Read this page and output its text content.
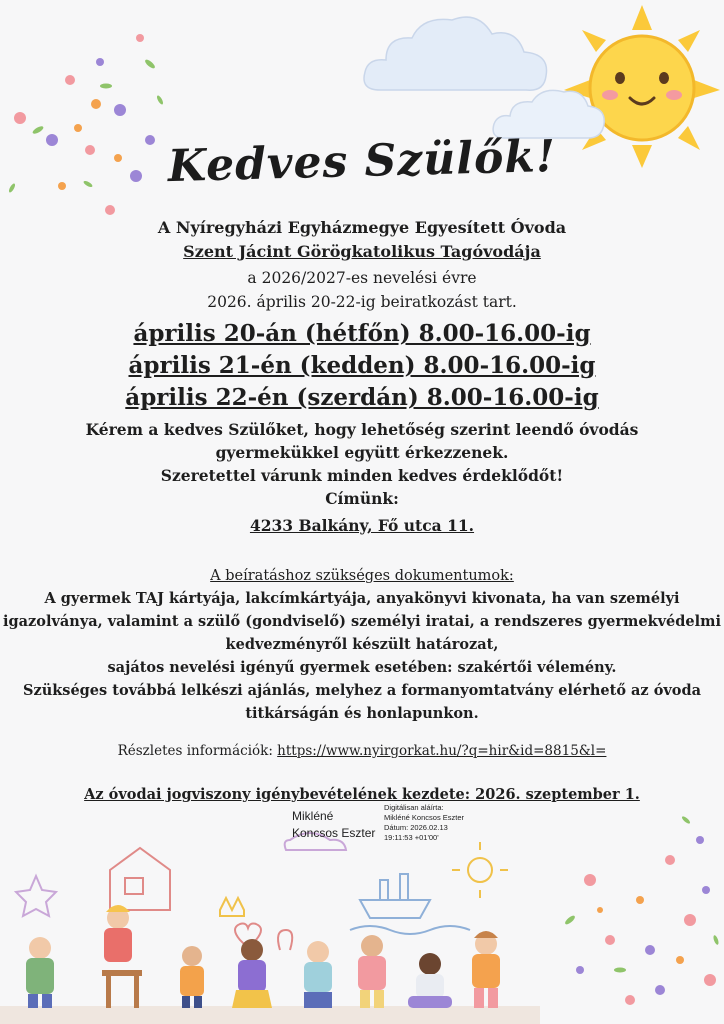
Kedves Szülők!
A Nyíregyházi Egyházmegye Egyesített Óvoda
Szent Jácint Görögkatolikus Tagóvodája
a 2026/2027-es nevelési évre
2026. április 20-22-ig beiratkozást tart.
április 20-án (hétfőn) 8.00-16.00-ig
április 21-én (kedden) 8.00-16.00-ig
április 22-én (szerdán) 8.00-16.00-ig
Kérem a kedves Szülőket, hogy lehetőség szerint leendő óvodás
gyermekükkel együtt érkezzenek.
Szeretettel várunk minden kedves érdeklődőt!
Címünk:
4233 Balkány, Fő utca 11.
A beíratáshoz szükséges dokumentumok:
A gyermek TAJ kártyája, lakcímkártyája, anyakönyvi kivonata, ha van személyi
igazolványa, valamint a szülő (gondviselő) személyi iratai, a rendszeres gyermekvédelmi
kedvezményről készült határozat,
sajátos nevelési igényű gyermek esetében: szakértői vélemény.
Szükséges továbbá lelkészi ajánlás, melyhez a formanyomtatvány elérhető az óvoda
titkárságán és honlapunkon.
Részletes információk: https://www.nyirgorkat.hu/?q=hir&id=8815&l=
Az óvodai jogviszony igénybevételének kezdete: 2026. szeptember 1.
Mikléné
Koncsos Eszter
Digitálisan aláírta:
Mikléné Koncsos Eszter
Dátum: 2026.02.13
19:11:53 +01'00'
